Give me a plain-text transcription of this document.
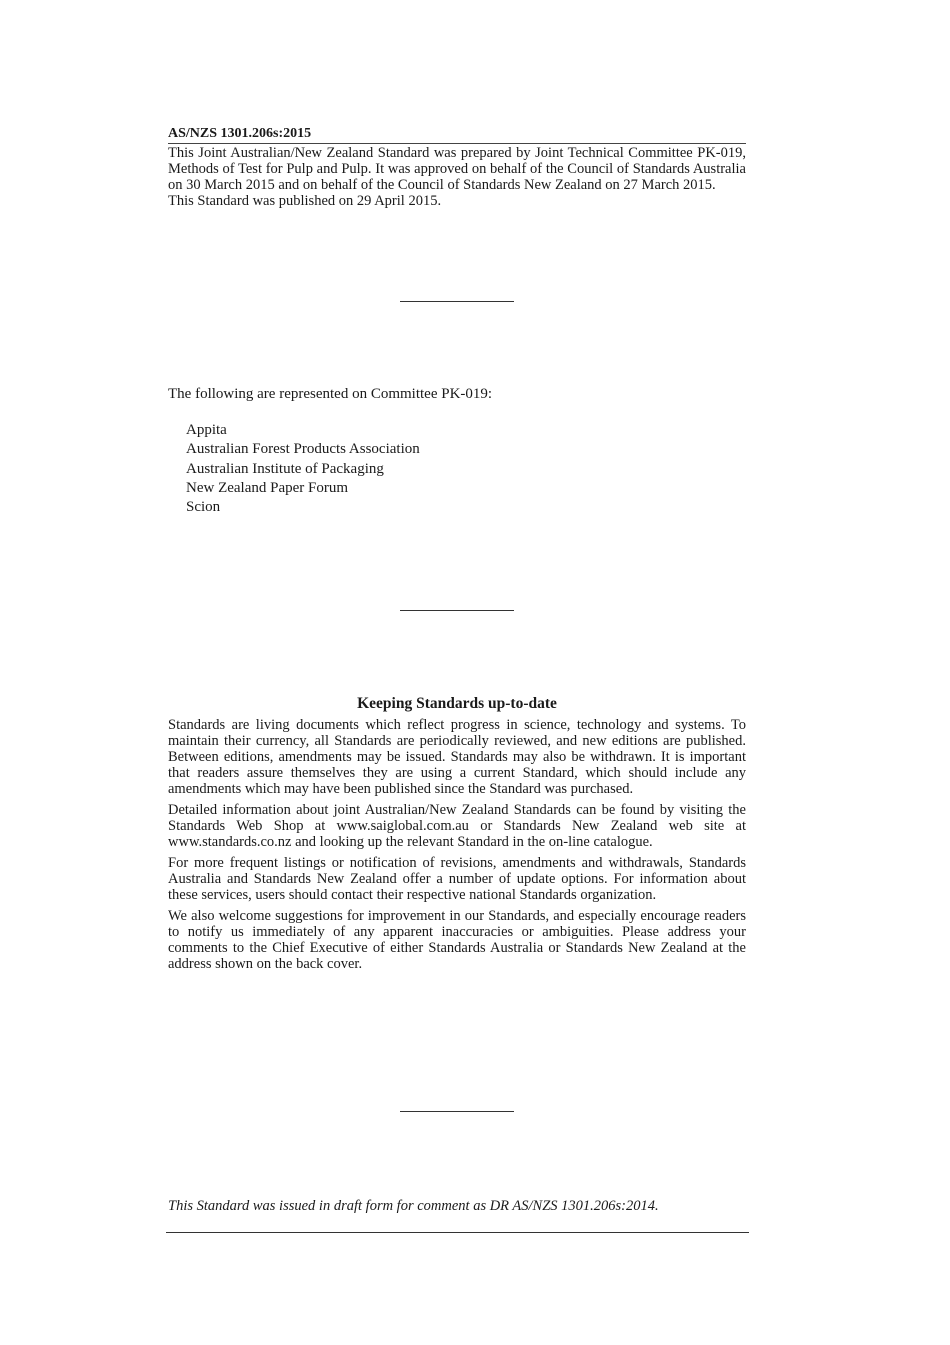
AS/NZS 1301.206s:2015

This Joint Australian/New Zealand Standard was prepared by Joint Technical Committee PK-019, Methods of Test for Pulp and Pulp. It was approved on behalf of the Council of Standards Australia on 30 March 2015 and on behalf of the Council of Standards New Zealand on 27 March 2015.

This Standard was published on 29 April 2015.

The following are represented on Committee PK-019:
Appita
Australian Forest Products Association
Australian Institute of Packaging
New Zealand Paper Forum
Scion
Keeping Standards up-to-date

Standards are living documents which reflect progress in science, technology and systems. To maintain their currency, all Standards are periodically reviewed, and new editions are published. Between editions, amendments may be issued. Standards may also be withdrawn. It is important that readers assure themselves they are using a current Standard, which should include any amendments which may have been published since the Standard was purchased.

Detailed information about joint Australian/New Zealand Standards can be found by visiting the Standards Web Shop at www.saiglobal.com.au or Standards New Zealand web site at www.standards.co.nz and looking up the relevant Standard in the on-line catalogue.

For more frequent listings or notification of revisions, amendments and withdrawals, Standards Australia and Standards New Zealand offer a number of update options. For information about these services, users should contact their respective national Standards organization.

We also welcome suggestions for improvement in our Standards, and especially encourage readers to notify us immediately of any apparent inaccuracies or ambiguities. Please address your comments to the Chief Executive of either Standards Australia or Standards New Zealand at the address shown on the back cover.

This Standard was issued in draft form for comment as DR AS/NZS 1301.206s:2014.
